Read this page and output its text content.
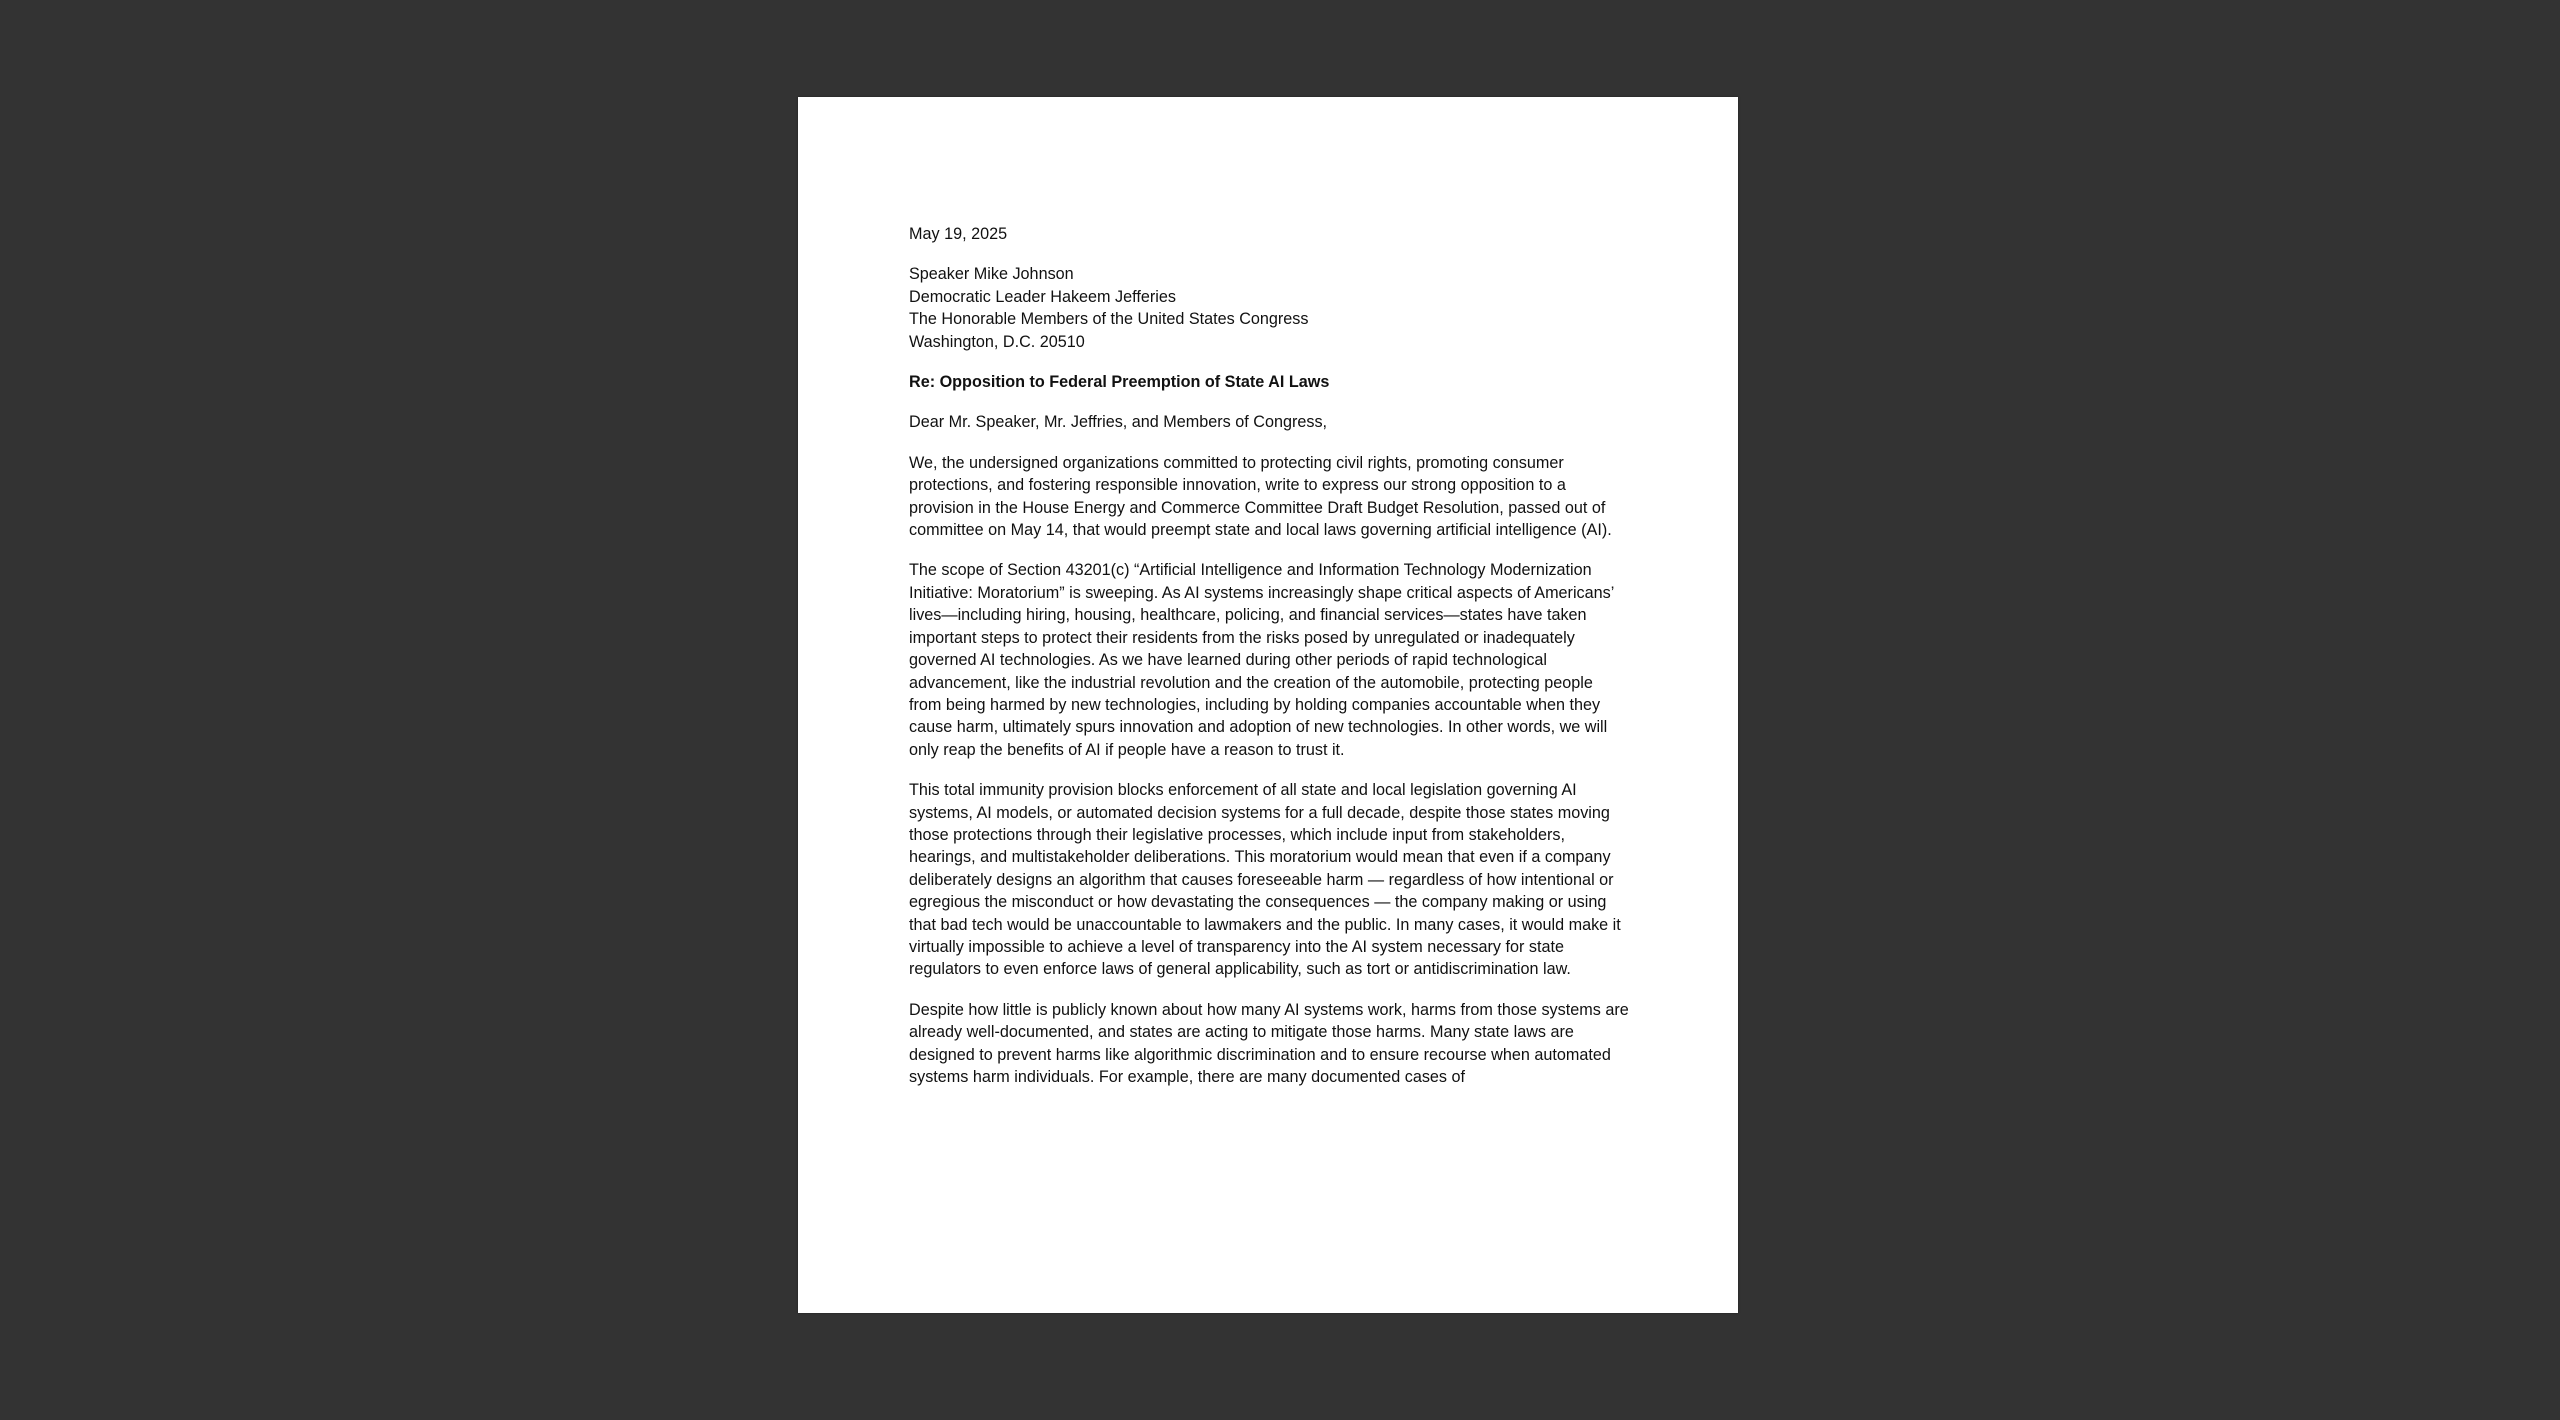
May 19, 2025

Speaker Mike Johnson
Democratic Leader Hakeem Jefferies
The Honorable Members of the United States Congress
Washington, D.C. 20510

Re: Opposition to Federal Preemption of State AI Laws

Dear Mr. Speaker, Mr. Jeffries, and Members of Congress,

We, the undersigned organizations committed to protecting civil rights, promoting consumer protections, and fostering responsible innovation, write to express our strong opposition to a provision in the House Energy and Commerce Committee Draft Budget Resolution, passed out of committee on May 14, that would preempt state and local laws governing artificial intelligence (AI).

The scope of Section 43201(c) “Artificial Intelligence and Information Technology Modernization Initiative: Moratorium” is sweeping. As AI systems increasingly shape critical aspects of Americans’ lives—including hiring, housing, healthcare, policing, and financial services—states have taken important steps to protect their residents from the risks posed by unregulated or inadequately governed AI technologies. As we have learned during other periods of rapid technological advancement, like the industrial revolution and the creation of the automobile, protecting people from being harmed by new technologies, including by holding companies accountable when they cause harm, ultimately spurs innovation and adoption of new technologies. In other words, we will only reap the benefits of AI if people have a reason to trust it.

This total immunity provision blocks enforcement of all state and local legislation governing AI systems, AI models, or automated decision systems for a full decade, despite those states moving those protections through their legislative processes, which include input from stakeholders, hearings, and multistakeholder deliberations. This moratorium would mean that even if a company deliberately designs an algorithm that causes foreseeable harm — regardless of how intentional or egregious the misconduct or how devastating the consequences — the company making or using that bad tech would be unaccountable to lawmakers and the public. In many cases, it would make it virtually impossible to achieve a level of transparency into the AI system necessary for state regulators to even enforce laws of general applicability, such as tort or antidiscrimination law.

Despite how little is publicly known about how many AI systems work, harms from those systems are already well-documented, and states are acting to mitigate those harms. Many state laws are designed to prevent harms like algorithmic discrimination and to ensure recourse when automated systems harm individuals. For example, there are many documented cases of
